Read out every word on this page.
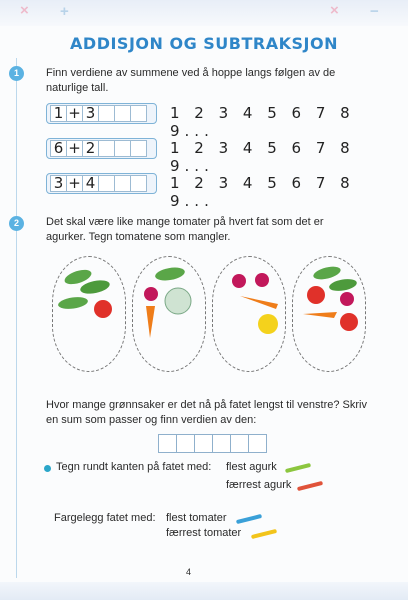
× +	× −
ADDISJON OG SUBTRAKSJON
1	Finn verdiene av summene ved å hoppe langs følgen av de
naturlige tall.
1 + 3	1 2 3 4 5 6 7 8 9...
6 + 2	1 2 3 4 5 6 7 8 9...
3 + 4	1 2 3 4 5 6 7 8 9...
2	Det skal være like mange tomater på hvert fat som det er
agurker. Tegn tomatene som mangler.
Hvor mange grønnsaker er det nå på fatet lengst til venstre? Skriv
en sum som passer og finn verdien av den:
Tegn rundt kanten på fatet med: flest agurk
færrest agurk
Fargelegg fatet med: flest tomater
færrest tomater
4
